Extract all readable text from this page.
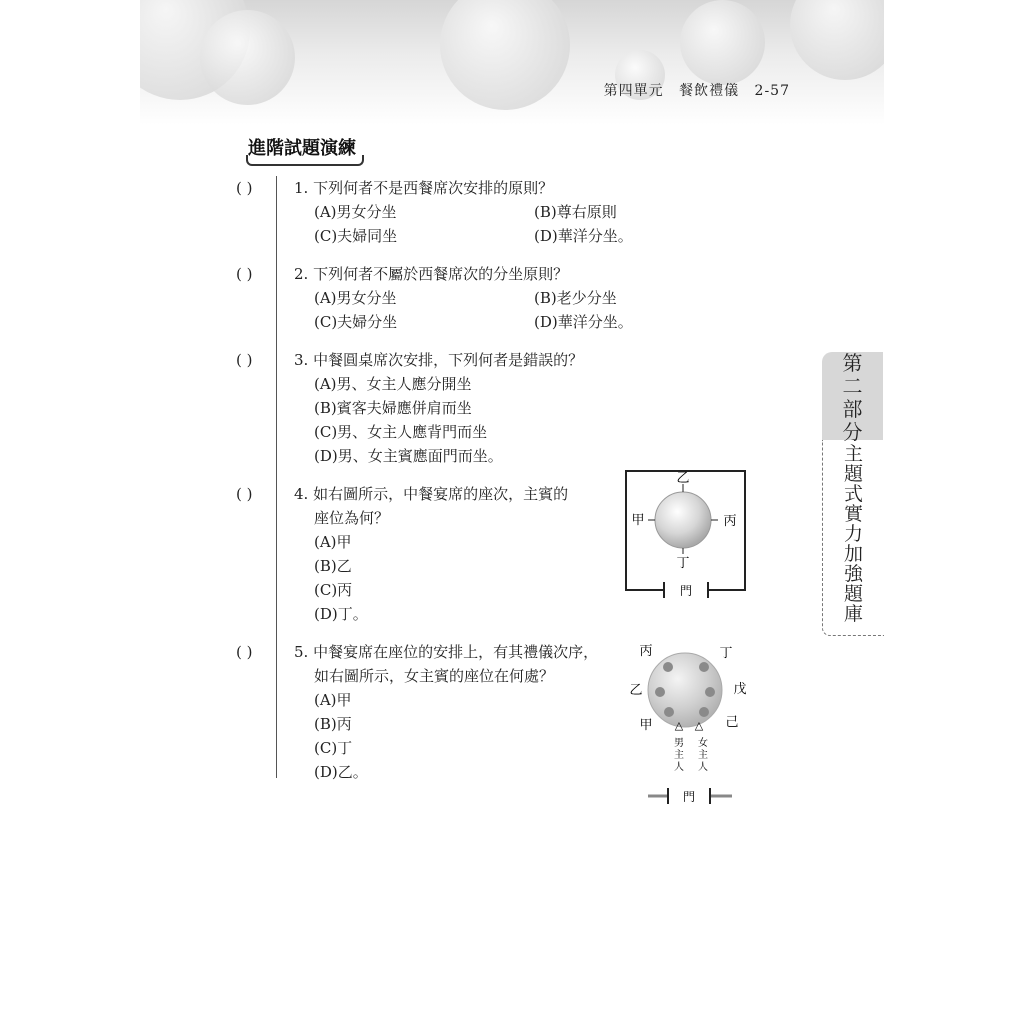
第四單元 餐飲禮儀 2-57
進階試題演練
( )	1. 下列何者不是西餐席次安排的原則？
(A)男女分坐	(B)尊右原則
(C)夫婦同坐	(D)華洋分坐。
( )	2. 下列何者不屬於西餐席次的分坐原則？
(A)男女分坐	(B)老少分坐
(C)夫婦分坐	(D)華洋分坐。
( )	3. 中餐圓桌席次安排，下列何者是錯誤的？
(A)男、女主人應分開坐
(B)賓客夫婦應併肩而坐
(C)男、女主人應背門而坐
(D)男、女主賓應面門而坐。
( )	4. 如右圖所示，中餐宴席的座次，主賓的
座位為何？
(A)甲
(B)乙
(C)丙
(D)丁。
( )	5. 中餐宴席在座位的安排上，有其禮儀次序，
如右圖所示，女主賓的座位在何處？
(A)甲
(B)丙
(C)丁
(D)乙。
乙
甲	丙
丁
門
△ △
丙	丁
乙	戊
甲	己
男
主
人
女
主
人
門
第
二
部
分
主
題
式
實
力
加
強
題
庫
